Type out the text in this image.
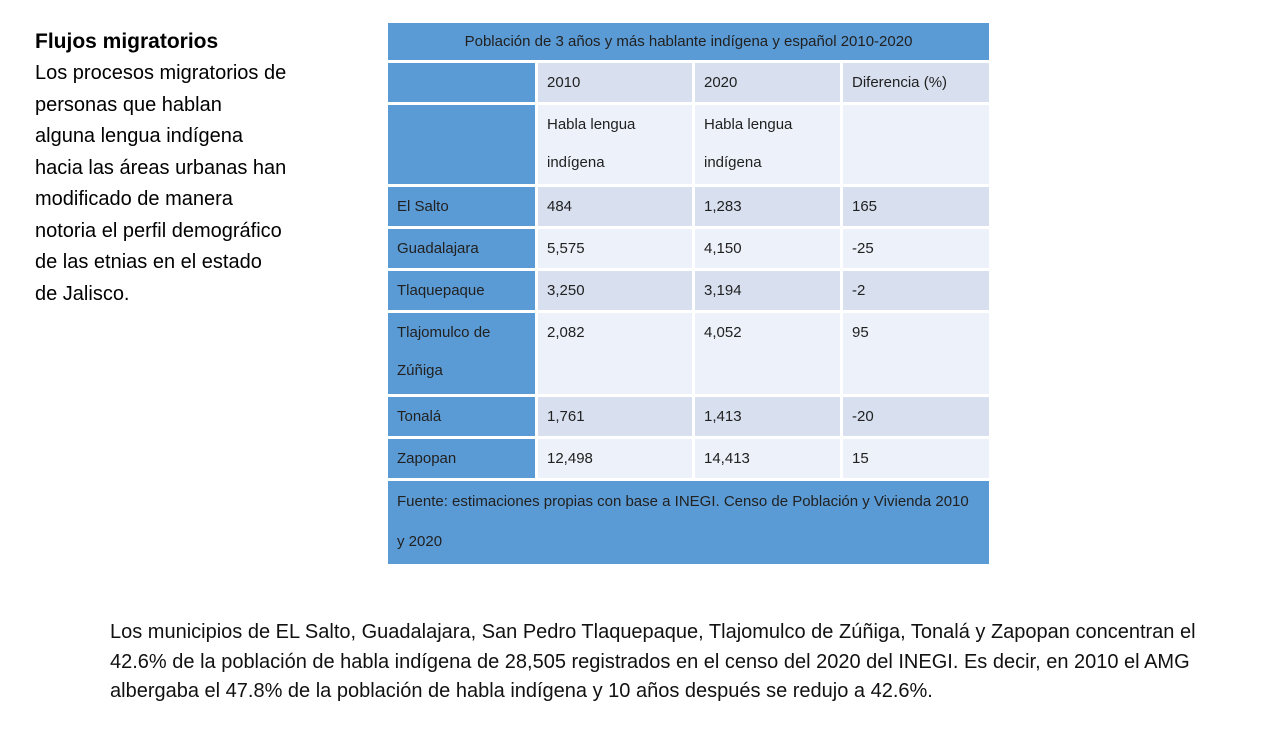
Flujos migratorios

Los procesos migratorios de personas que hablan alguna lengua indígena hacia las áreas urbanas han modificado de manera notoria el perfil demográfico de las etnias en el estado de Jalisco.

Población de 3 años y más hablante indígena y español 2010-2020			
	2010	2020	Diferencia (%)
	Habla lengua indígena	Habla lengua indígena	
El Salto	484	1,283	165
Guadalajara	5,575	4,150	-25
Tlaquepaque	3,250	3,194	-2
Tlajomulco de Zúñiga	2,082	4,052	95
Tonalá	1,761	1,413	-20
Zapopan	12,498	14,413	15
Fuente: estimaciones propias con base a INEGI. Censo de Población y Vivienda 2010 y 2020			

Los municipios de EL Salto, Guadalajara, San Pedro Tlaquepaque, Tlajomulco de Zúñiga, Tonalá y Zapopan concentran el 42.6% de la población de habla indígena de 28,505 registrados en el censo del 2020 del INEGI. Es decir, en 2010 el AMG albergaba el 47.8% de la población de habla indígena y 10 años después se redujo a 42.6%.
